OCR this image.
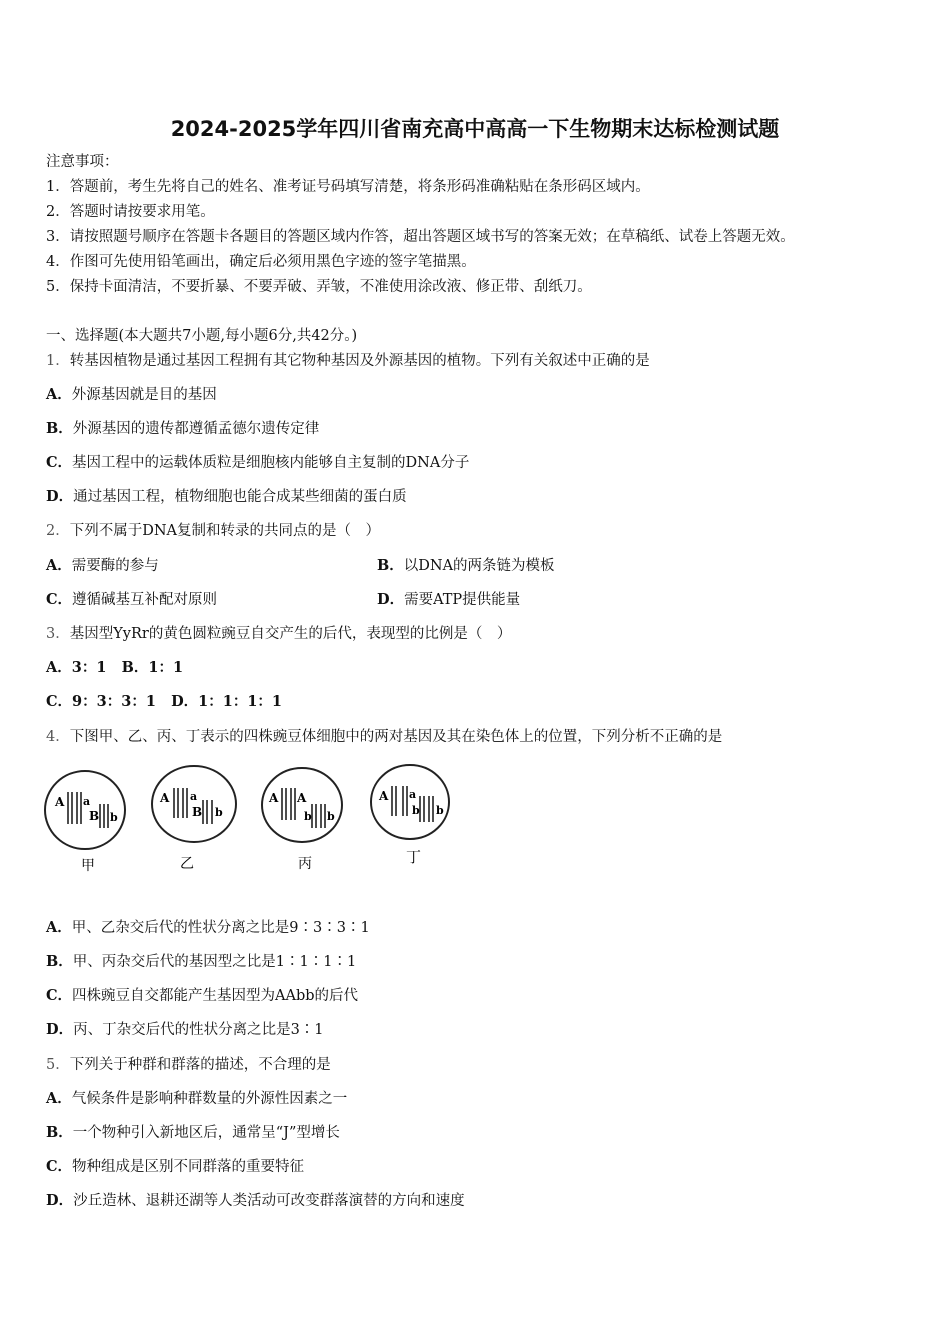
2024-2025学年四川省南充高中高高一下生物期末达标检测试题
注意事项：
1．答题前，考生先将自己的姓名、准考证号码填写清楚，将条形码准确粘贴在条形码区域内。
2．答题时请按要求用笔。
3．请按照题号顺序在答题卡各题目的答题区域内作答，超出答题区域书写的答案无效；在草稿纸、试卷上答题无效。
4．作图可先使用铅笔画出，确定后必须用黑色字迹的签字笔描黑。
5．保持卡面清洁，不要折暴、不要弄破、弄皱，不准使用涂改液、修正带、刮纸刀。
一、选择题(本大题共7小题,每小题6分,共42分。)
1．转基因植物是通过基因工程拥有其它物种基因及外源基因的植物。下列有关叙述中正确的是
A．外源基因就是目的基因
B．外源基因的遗传都遵循孟德尔遗传定律
C．基因工程中的运载体质粒是细胞核内能够自主复制的DNA分子
D．通过基因工程，植物细胞也能合成某些细菌的蛋白质
2．下列不属于DNA复制和转录的共同点的是（　）
A．需要酶的参与	B．以DNA的两条链为模板
C．遵循碱基互补配对原则	D．需要ATP提供能量
3．基因型YyRr的黄色圆粒豌豆自交产生的后代，表现型的比例是（　）
A．3：1 B．1：1
C．9：3：3：1 D．1：1：1：1
4．下图甲、乙、丙、丁表示的四株豌豆体细胞中的两对基因及其在染色体上的位置，下列分析不正确的是
A a
B b
A a
B b
A A
b b
A a
b b
甲	乙	丙	丁
A．甲、乙杂交后代的性状分离之比是9∶3∶3∶1
B．甲、丙杂交后代的基因型之比是1∶1∶1∶1
C．四株豌豆自交都能产生基因型为AAbb的后代
D．丙、丁杂交后代的性状分离之比是3∶1
5．下列关于种群和群落的描述，不合理的是
A．气候条件是影响种群数量的外源性因素之一
B．一个物种引入新地区后，通常呈“J”型增长
C．物种组成是区别不同群落的重要特征
D．沙丘造林、退耕还湖等人类活动可改变群落演替的方向和速度
